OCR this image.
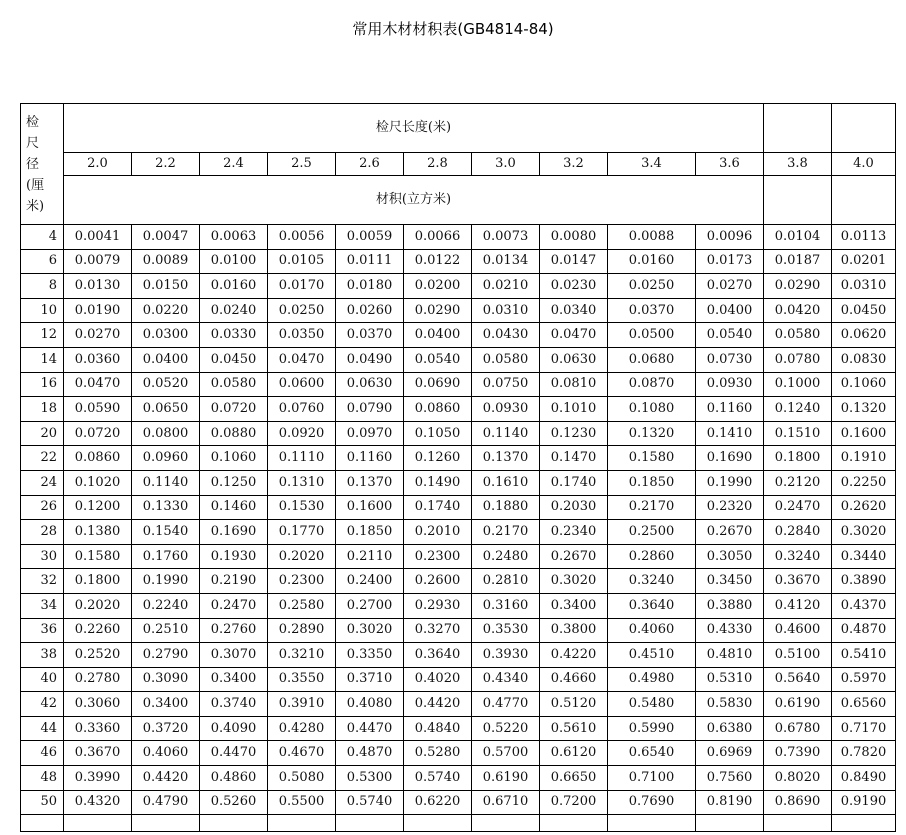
常用木材材积表(GB4814-84)
检
尺
径
(厘
米)	检尺长度(米)											
	2.0	2.2	2.4	2.5	2.6	2.8	3.0	3.2	3.4	3.6	3.8	4.0
	材积(立方米)											
4	0.0041	0.0047	0.0063	0.0056	0.0059	0.0066	0.0073	0.0080	0.0088	0.0096	0.0104	0.0113
6	0.0079	0.0089	0.0100	0.0105	0.0111	0.0122	0.0134	0.0147	0.0160	0.0173	0.0187	0.0201
8	0.0130	0.0150	0.0160	0.0170	0.0180	0.0200	0.0210	0.0230	0.0250	0.0270	0.0290	0.0310
10	0.0190	0.0220	0.0240	0.0250	0.0260	0.0290	0.0310	0.0340	0.0370	0.0400	0.0420	0.0450
12	0.0270	0.0300	0.0330	0.0350	0.0370	0.0400	0.0430	0.0470	0.0500	0.0540	0.0580	0.0620
14	0.0360	0.0400	0.0450	0.0470	0.0490	0.0540	0.0580	0.0630	0.0680	0.0730	0.0780	0.0830
16	0.0470	0.0520	0.0580	0.0600	0.0630	0.0690	0.0750	0.0810	0.0870	0.0930	0.1000	0.1060
18	0.0590	0.0650	0.0720	0.0760	0.0790	0.0860	0.0930	0.1010	0.1080	0.1160	0.1240	0.1320
20	0.0720	0.0800	0.0880	0.0920	0.0970	0.1050	0.1140	0.1230	0.1320	0.1410	0.1510	0.1600
22	0.0860	0.0960	0.1060	0.1110	0.1160	0.1260	0.1370	0.1470	0.1580	0.1690	0.1800	0.1910
24	0.1020	0.1140	0.1250	0.1310	0.1370	0.1490	0.1610	0.1740	0.1850	0.1990	0.2120	0.2250
26	0.1200	0.1330	0.1460	0.1530	0.1600	0.1740	0.1880	0.2030	0.2170	0.2320	0.2470	0.2620
28	0.1380	0.1540	0.1690	0.1770	0.1850	0.2010	0.2170	0.2340	0.2500	0.2670	0.2840	0.3020
30	0.1580	0.1760	0.1930	0.2020	0.2110	0.2300	0.2480	0.2670	0.2860	0.3050	0.3240	0.3440
32	0.1800	0.1990	0.2190	0.2300	0.2400	0.2600	0.2810	0.3020	0.3240	0.3450	0.3670	0.3890
34	0.2020	0.2240	0.2470	0.2580	0.2700	0.2930	0.3160	0.3400	0.3640	0.3880	0.4120	0.4370
36	0.2260	0.2510	0.2760	0.2890	0.3020	0.3270	0.3530	0.3800	0.4060	0.4330	0.4600	0.4870
38	0.2520	0.2790	0.3070	0.3210	0.3350	0.3640	0.3930	0.4220	0.4510	0.4810	0.5100	0.5410
40	0.2780	0.3090	0.3400	0.3550	0.3710	0.4020	0.4340	0.4660	0.4980	0.5310	0.5640	0.5970
42	0.3060	0.3400	0.3740	0.3910	0.4080	0.4420	0.4770	0.5120	0.5480	0.5830	0.6190	0.6560
44	0.3360	0.3720	0.4090	0.4280	0.4470	0.4840	0.5220	0.5610	0.5990	0.6380	0.6780	0.7170
46	0.3670	0.4060	0.4470	0.4670	0.4870	0.5280	0.5700	0.6120	0.6540	0.6969	0.7390	0.7820
48	0.3990	0.4420	0.4860	0.5080	0.5300	0.5740	0.6190	0.6650	0.7100	0.7560	0.8020	0.8490
50	0.4320	0.4790	0.5260	0.5500	0.5740	0.6220	0.6710	0.7200	0.7690	0.8190	0.8690	0.9190
